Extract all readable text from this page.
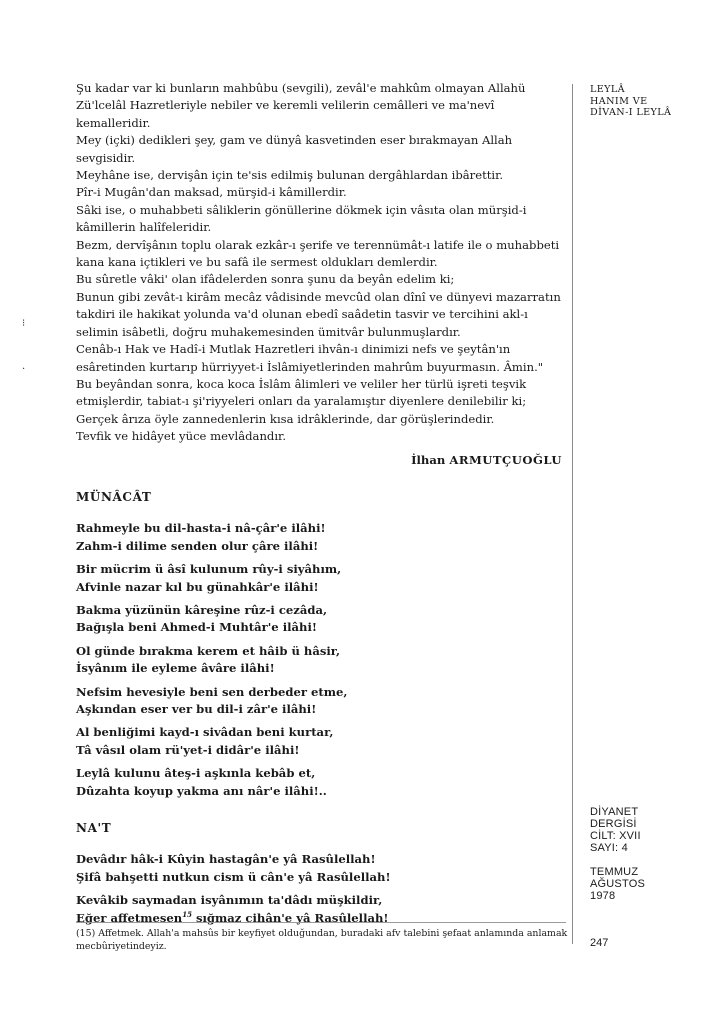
Şu kadar var ki bunların mahbûbu (sevgili), zevâl'e mahkûm olmayan Allahü Zü'lcelâl Hazretleriyle nebiler ve keremli velilerin cemâlleri ve ma'nevî kemalleridir.

Mey (içki) dedikleri şey, gam ve dünyâ kasvetinden eser bırakmayan Allah sevgisidir.

Meyhâne ise, dervişân için te'sis edilmiş bulunan dergâhlardan ibârettir.

Pîr-i Mugân'dan maksad, mürşid-i kâmillerdir.

Sâki ise, o muhabbeti sâliklerin gönüllerine dökmek için vâsıta olan mürşid-i kâmillerin halîfeleridir.

Bezm, dervîşânın toplu olarak ezkâr-ı şerife ve terennümât-ı latife ile o muhabbeti kana kana içtikleri ve bu safâ ile sermest oldukları demlerdir.

Bu sûretle vâki' olan ifâdelerden sonra şunu da beyân edelim ki;

Bunun gibi zevât-ı kirâm mecâz vâdisinde mevcûd olan dînî ve dünyevi mazarratın takdiri ile hakikat yolunda va'd olunan ebedî saâdetin tasvir ve tercihini akl-ı selimin isâbetli, doğru muhakemesinden ümitvâr bulunmuşlardır.

Cenâb-ı Hak ve Hadî-i Mutlak Hazretleri ihvân-ı dinimizi nefs ve şeytân'ın esâretinden kurtarıp hürriyyet-i İslâmiyetlerinden mahrûm buyurmasın. Âmin."

Bu beyândan sonra, koca koca İslâm âlimleri ve veliler her türlü işreti teşvik etmişlerdir, tabiat-ı şi'riyyeleri onları da yaralamıştır diyenlere denilebilir ki;

Gerçek ârıza öyle zannedenlerin kısa idrâklerinde, dar görüşlerindedir.

Tevfik ve hidâyet yüce mevlâdandır.

İlhan ARMUTÇUOĞLU

MÜNÂCÂT
Rahmeyle bu dil-hasta-i nâ-çâr'e ilâhi!
Zahm-i dilime senden olur çâre ilâhi!
Bir mücrim ü âsî kulunum rûy-i siyâhım,
Afvinle nazar kıl bu günahkâr'e ilâhi!
Bakma yüzünün kâreşine rûz-i cezâda,
Bağışla beni Ahmed-i Muhtâr'e ilâhi!
Ol günde bırakma kerem et hâib ü hâsir,
İsyânım ile eyleme âvâre ilâhi!
Nefsim hevesiyle beni sen derbeder etme,
Aşkından eser ver bu dil-i zâr'e ilâhi!
Al benliğimi kayd-ı sivâdan beni kurtar,
Tâ vâsıl olam rü'yet-i didâr'e ilâhi!
Leylâ kulunu âteş-i aşkınla kebâb et,
Dûzahta koyup yakma anı nâr'e ilâhi!..
NA'T
Devâdır hâk-i Kûyin hastagân'e yâ Rasûlellah!
Şifâ bahşetti nutkun cism ü cân'e yâ Rasûlellah!
Kevâkib saymadan isyânımın ta'dâdı müşkildir,
Eğer affetmesen$^{15}$ sığmaz cihân'e yâ Rasûlellah!
(15) Affetmek. Allah'a mahsûs bir keyfiyet olduğundan, buradaki afv talebini şefaat anlamında anlamak mecbûriyetindeyiz.
LEYLÂ
HANIM VE
DİVAN-I LEYLÂ
DİYANET
DERGİSİ
CİLT: XVII
SAYI: 4
TEMMUZ
AĞUSTOS
1978
247
⁝
·
